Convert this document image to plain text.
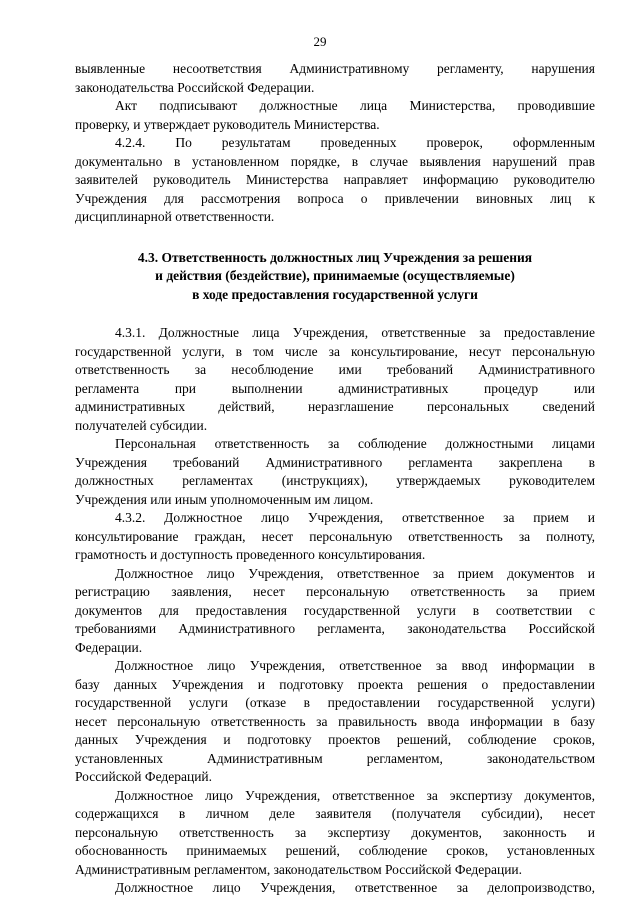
29

выявленные несоответствия Административному регламенту, нарушения
законодательства Российской Федерации.

Акт подписывают должностные лица Министерства, проводившие
проверку, и утверждает руководитель Министерства.

4.2.4. По результатам проведенных проверок, оформленным
документально в установленном порядке, в случае выявления нарушений прав
заявителей руководитель Министерства направляет информацию руководителю
Учреждения для рассмотрения вопроса о привлечении виновных лиц к
дисциплинарной ответственности.

4.3. Ответственность должностных лиц Учреждения за решения
и действия (бездействие), принимаемые (осуществляемые)
в ходе предоставления государственной услуги

4.3.1. Должностные лица Учреждения, ответственные за предоставление
государственной услуги, в том числе за консультирование, несут персональную
ответственность за несоблюдение ими требований Административного
регламента при выполнении административных процедур или
административных действий, неразглашение персональных сведений
получателей субсидии.

Персональная ответственность за соблюдение должностными лицами
Учреждения требований Административного регламента закреплена в
должностных регламентах (инструкциях), утверждаемых руководителем
Учреждения или иным уполномоченным им лицом.

4.3.2. Должностное лицо Учреждения, ответственное за прием и
консультирование граждан, несет персональную ответственность за полноту,
грамотность и доступность проведенного консультирования.

Должностное лицо Учреждения, ответственное за прием документов и
регистрацию заявления, несет персональную ответственность за прием
документов для предоставления государственной услуги в соответствии с
требованиями Административного регламента, законодательства Российской
Федерации.

Должностное лицо Учреждения, ответственное за ввод информации в
базу данных Учреждения и подготовку проекта решения о предоставлении
государственной услуги (отказе в предоставлении государственной услуги)
несет персональную ответственность за правильность ввода информации в базу
данных Учреждения и подготовку проектов решений, соблюдение сроков,
установленных Административным регламентом, законодательством
Российской Федераций.

Должностное лицо Учреждения, ответственное за экспертизу документов,
содержащихся в личном деле заявителя (получателя субсидии), несет
персональную ответственность за экспертизу документов, законность и
обоснованность принимаемых решений, соблюдение сроков, установленных
Административным регламентом, законодательством Российской Федерации.

Должностное лицо Учреждения, ответственное за делопроизводство,
